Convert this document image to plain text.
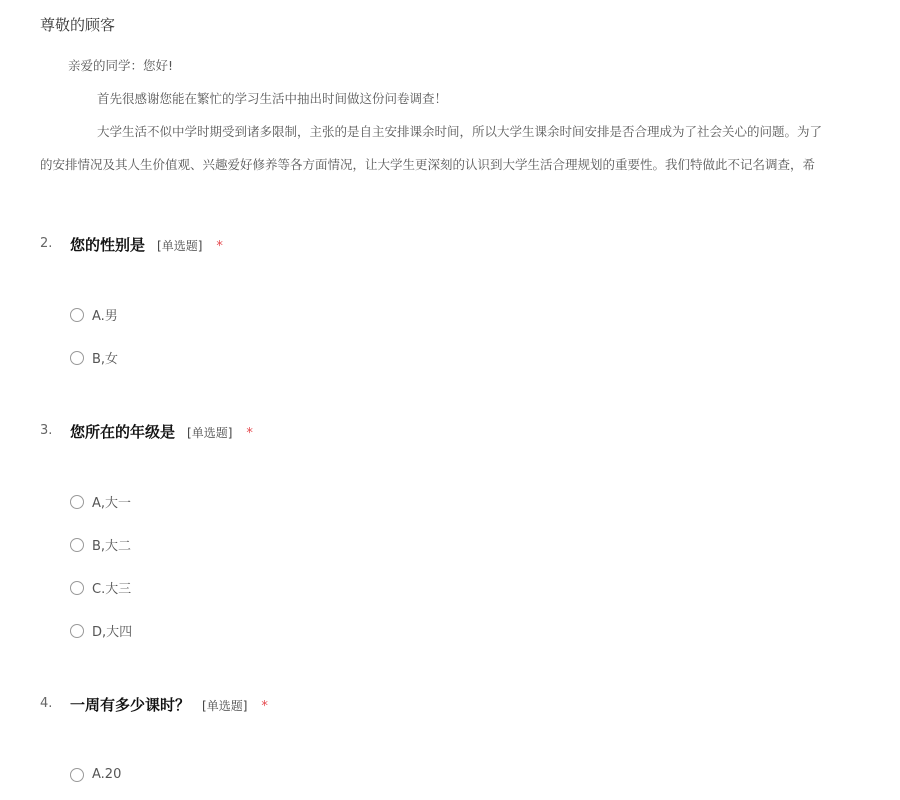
尊敬的顾客
亲爱的同学：您好!
首先很感谢您能在繁忙的学习生活中抽出时间做这份问卷调查！
大学生活不似中学时期受到诸多限制，主张的是自主安排课余时间，所以大学生课余时间安排是否合理成为了社会关心的问题。为了
的安排情况及其人生价值观、兴趣爱好修养等各方面情况，让大学生更深刻的认识到大学生活合理规划的重要性。我们特做此不记名调查，希
2. 您的性别是 [单选题] *
A.男
B,女
3. 您所在的年级是 [单选题] *
A,大一
B,大二
C.大三
D,大四
4. 一周有多少课时？ [单选题] *
A.20
